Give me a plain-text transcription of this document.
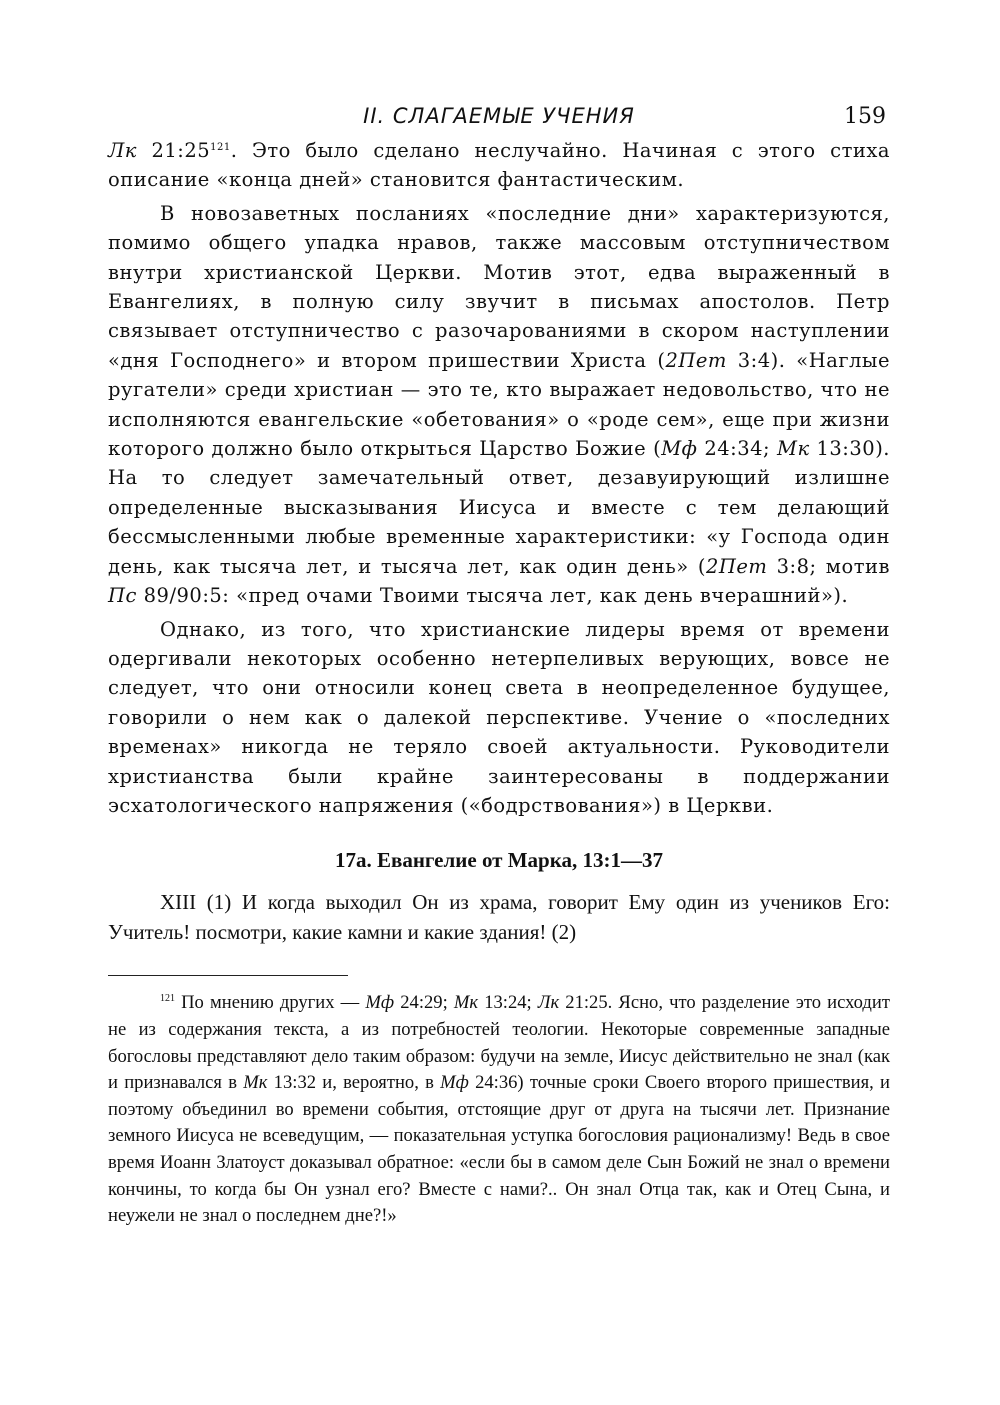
II. СЛАГАЕМЫЕ УЧЕНИЯ	159

Лк $21:25^{121}$. Это было сделано неслучайно. Начиная с этого стиха описание «конца дней» становится фантастическим.

В новозаветных посланиях «последние дни» характеризуются, помимо общего упадка нравов, также массовым отступничеством внутри христианской Церкви. Мотив этот, едва выраженный в Евангелиях, в полную силу звучит в письмах апостолов. Петр связывает отступничество с разочарованиями в скором наступлении «дня Господнего» и втором пришествии Христа (2Пет 3:4). «Наглые ругатели» среди христиан — это те, кто выражает недовольство, что не исполняются евангельские «обетования» о «роде сем», еще при жизни которого должно было открыться Царство Божие (Мф 24:34; Мк 13:30). На то следует замечательный ответ, дезавуирующий излишне определенные высказывания Иисуса и вместе с тем делающий бессмысленными любые временные характеристики: «у Господа один день, как тысяча лет, и тысяча лет, как один день» (2Пет 3:8; мотив Пс 89/90:5: «пред очами Твоими тысяча лет, как день вчерашний»).

Однако, из того, что христианские лидеры время от времени одергивали некоторых особенно нетерпеливых верующих, вовсе не следует, что они относили конец света в неопределенное будущее, говорили о нем как о далекой перспективе. Учение о «последних временах» никогда не теряло своей актуальности. Руководители христианства были крайне заинтересованы в поддержании эсхатологического напряжения («бодрствования») в Церкви.

17а. Евангелие от Марка, 13:1—37

XIII (1) И когда выходил Он из храма, говорит Ему один из учеников Его: Учитель! посмотри, какие камни и какие здания! (2)

$^{121}$ По мнению других — Мф 24:29; Мк 13:24; Лк 21:25. Ясно, что разделение это исходит не из содержания текста, а из потребностей теологии. Некоторые современные западные богословы представляют дело таким образом: будучи на земле, Иисус действительно не знал (как и признавался в Мк 13:32 и, вероятно, в Мф 24:36) точные сроки Своего второго пришествия, и поэтому объединил во времени события, отстоящие друг от друга на тысячи лет. Признание земного Иисуса не всеведущим, — показательная уступка богословия рационализму! Ведь в свое время Иоанн Златоуст доказывал обратное: «если бы в самом деле Сын Божий не знал о времени кончины, то когда бы Он узнал его? Вместе с нами?.. Он знал Отца так, как и Отец Сына, и неужели не знал о последнем дне?!»
